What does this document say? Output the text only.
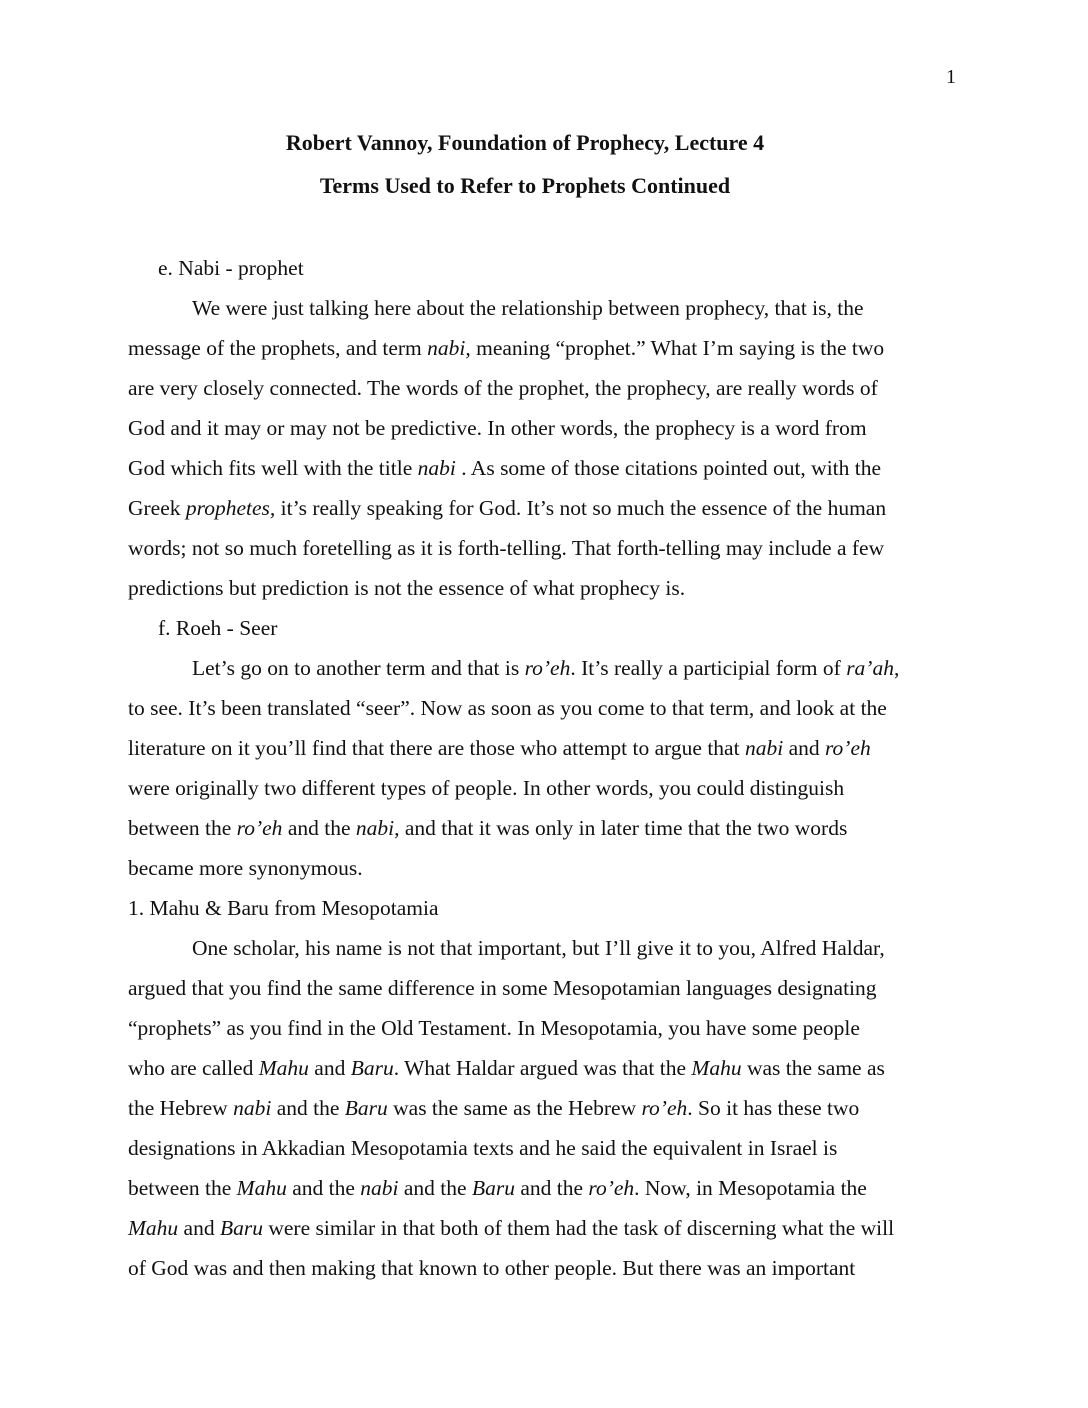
1
Robert Vannoy, Foundation of Prophecy, Lecture 4
Terms Used to Refer to Prophets Continued
e. Nabi - prophet
We were just talking here about the relationship between prophecy, that is, the
message of the prophets, and term nabi, meaning “prophet.” What I’m saying is the two
are very closely connected. The words of the prophet, the prophecy, are really words of
God and it may or may not be predictive. In other words, the prophecy is a word from
God which fits well with the title nabi . As some of those citations pointed out, with the
Greek prophetes, it’s really speaking for God. It’s not so much the essence of the human
words; not so much foretelling as it is forth-telling. That forth-telling may include a few
predictions but prediction is not the essence of what prophecy is.
f. Roeh - Seer
Let’s go on to another term and that is ro’eh. It’s really a participial form of ra’ah,
to see. It’s been translated “seer”. Now as soon as you come to that term, and look at the
literature on it you’ll find that there are those who attempt to argue that nabi and ro’eh
were originally two different types of people. In other words, you could distinguish
between the ro’eh and the nabi, and that it was only in later time that the two words
became more synonymous.
1. Mahu & Baru from Mesopotamia
One scholar, his name is not that important, but I’ll give it to you, Alfred Haldar,
argued that you find the same difference in some Mesopotamian languages designating
“prophets” as you find in the Old Testament. In Mesopotamia, you have some people
who are called Mahu and Baru. What Haldar argued was that the Mahu was the same as
the Hebrew nabi and the Baru was the same as the Hebrew ro’eh. So it has these two
designations in Akkadian Mesopotamia texts and he said the equivalent in Israel is
between the Mahu and the nabi and the Baru and the ro’eh. Now, in Mesopotamia the
Mahu and Baru were similar in that both of them had the task of discerning what the will
of God was and then making that known to other people. But there was an important
